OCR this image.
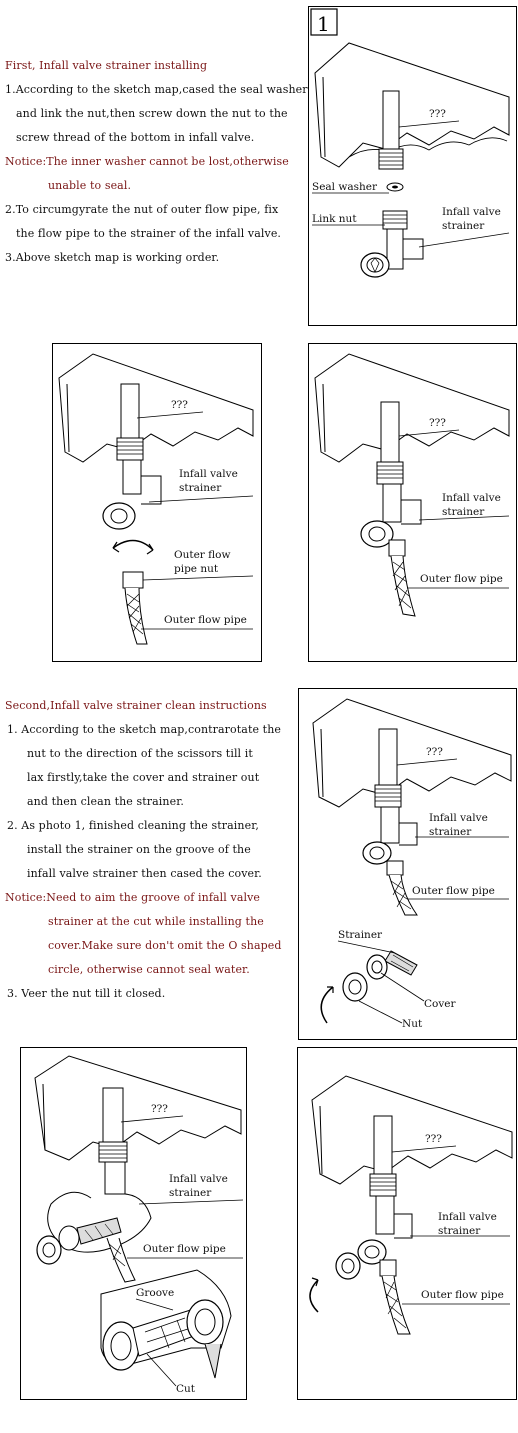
First, Infall valve strainer installing
1.According to the sketch map,cased the seal washer
and link the nut,then screw down the nut to the
screw thread of the bottom in infall valve.
Notice:The inner washer cannot be lost,otherwise
unable to seal.
2.To circumgyrate the nut of outer flow pipe, fix
the flow pipe to the strainer of the infall valve.
3.Above sketch map is working order.
Second,Infall valve strainer clean instructions
1. According to the sketch map,contrarotate the
nut to the direction of the scissors till it
lax firstly,take the cover and strainer out
and then clean the strainer.
2. As photo 1, finished cleaning the strainer,
install the strainer on the groove of the
infall valve strainer then cased the cover.
Notice:Need to aim the groove of infall valve
strainer at the cut while installing the
cover.Make sure don't omit the O shaped
circle, otherwise cannot seal water.
3. Veer the nut till it closed.
1
???
Seal washer
Link nut
Infall valve
strainer
???
Infall valve
strainer
Outer flow
pipe nut
Outer flow pipe
???
Infall valve
strainer
Outer flow pipe
???
Infall valve
strainer
Outer flow pipe
Strainer
Cover
Nut
???
Infall valve
strainer
Outer flow pipe
Groove
Cut
???
Infall valve
strainer
Outer flow pipe
